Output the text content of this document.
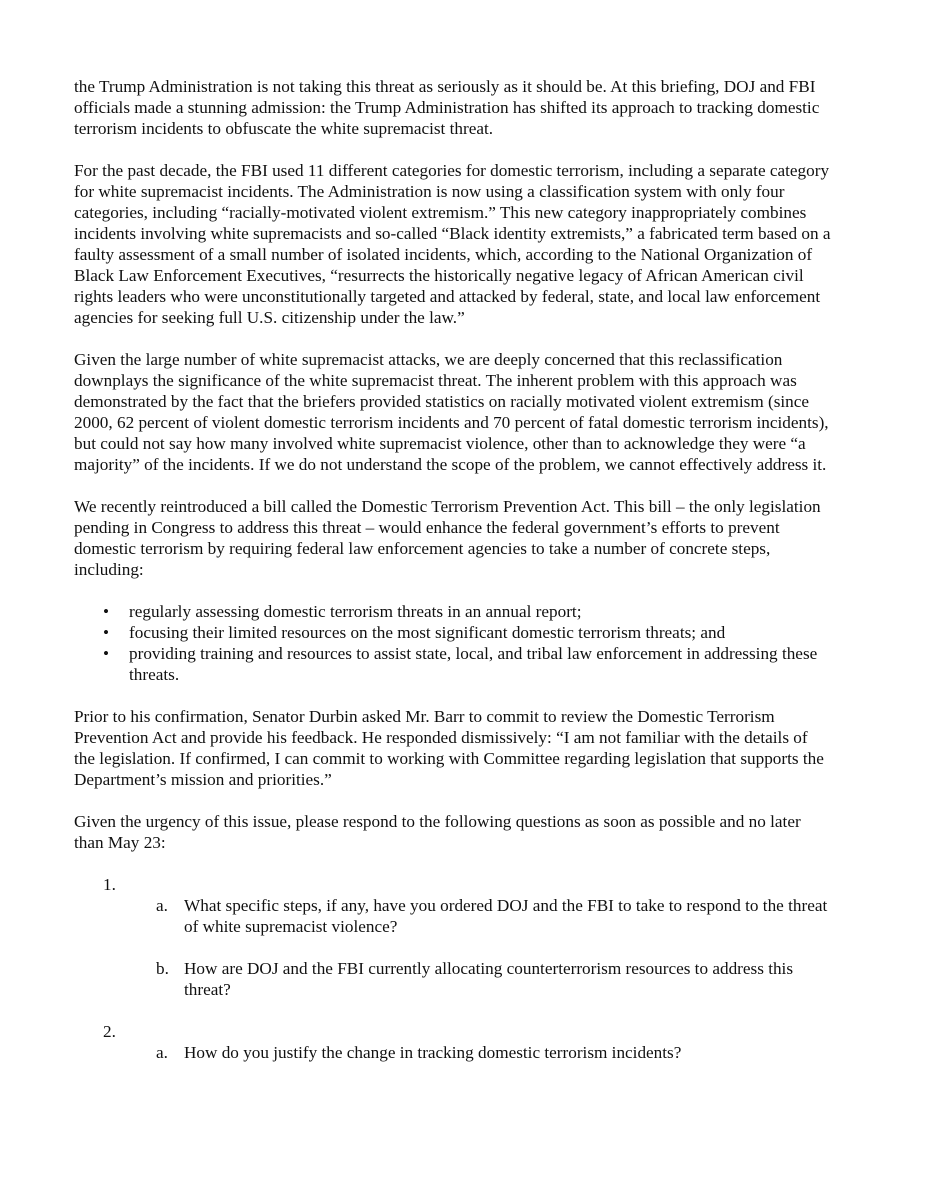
the Trump Administration is not taking this threat as seriously as it should be. At this briefing, DOJ and FBI officials made a stunning admission: the Trump Administration has shifted its approach to tracking domestic terrorism incidents to obfuscate the white supremacist threat.

For the past decade, the FBI used 11 different categories for domestic terrorism, including a separate category for white supremacist incidents. The Administration is now using a classification system with only four categories, including “racially-motivated violent extremism.” This new category inappropriately combines incidents involving white supremacists and so-called “Black identity extremists,” a fabricated term based on a faulty assessment of a small number of isolated incidents, which, according to the National Organization of Black Law Enforcement Executives, “resurrects the historically negative legacy of African American civil rights leaders who were unconstitutionally targeted and attacked by federal, state, and local law enforcement agencies for seeking full U.S. citizenship under the law.”

Given the large number of white supremacist attacks, we are deeply concerned that this reclassification downplays the significance of the white supremacist threat. The inherent problem with this approach was demonstrated by the fact that the briefers provided statistics on racially motivated violent extremism (since 2000, 62 percent of violent domestic terrorism incidents and 70 percent of fatal domestic terrorism incidents), but could not say how many involved white supremacist violence, other than to acknowledge they were “a majority” of the incidents. If we do not understand the scope of the problem, we cannot effectively address it.

We recently reintroduced a bill called the Domestic Terrorism Prevention Act. This bill – the only legislation pending in Congress to address this threat – would enhance the federal government’s efforts to prevent domestic terrorism by requiring federal law enforcement agencies to take a number of concrete steps, including:

• regularly assessing domestic terrorism threats in an annual report;
• focusing their limited resources on the most significant domestic terrorism threats; and
• providing training and resources to assist state, local, and tribal law enforcement in addressing these threats.

Prior to his confirmation, Senator Durbin asked Mr. Barr to commit to review the Domestic Terrorism Prevention Act and provide his feedback. He responded dismissively: “I am not familiar with the details of the legislation. If confirmed, I can commit to working with Committee regarding legislation that supports the Department’s mission and priorities.”

Given the urgency of this issue, please respond to the following questions as soon as possible and no later than May 23:

1.
a. What specific steps, if any, have you ordered DOJ and the FBI to take to respond to the threat of white supremacist violence?
b. How are DOJ and the FBI currently allocating counterterrorism resources to address this threat?
2.
a. How do you justify the change in tracking domestic terrorism incidents?
